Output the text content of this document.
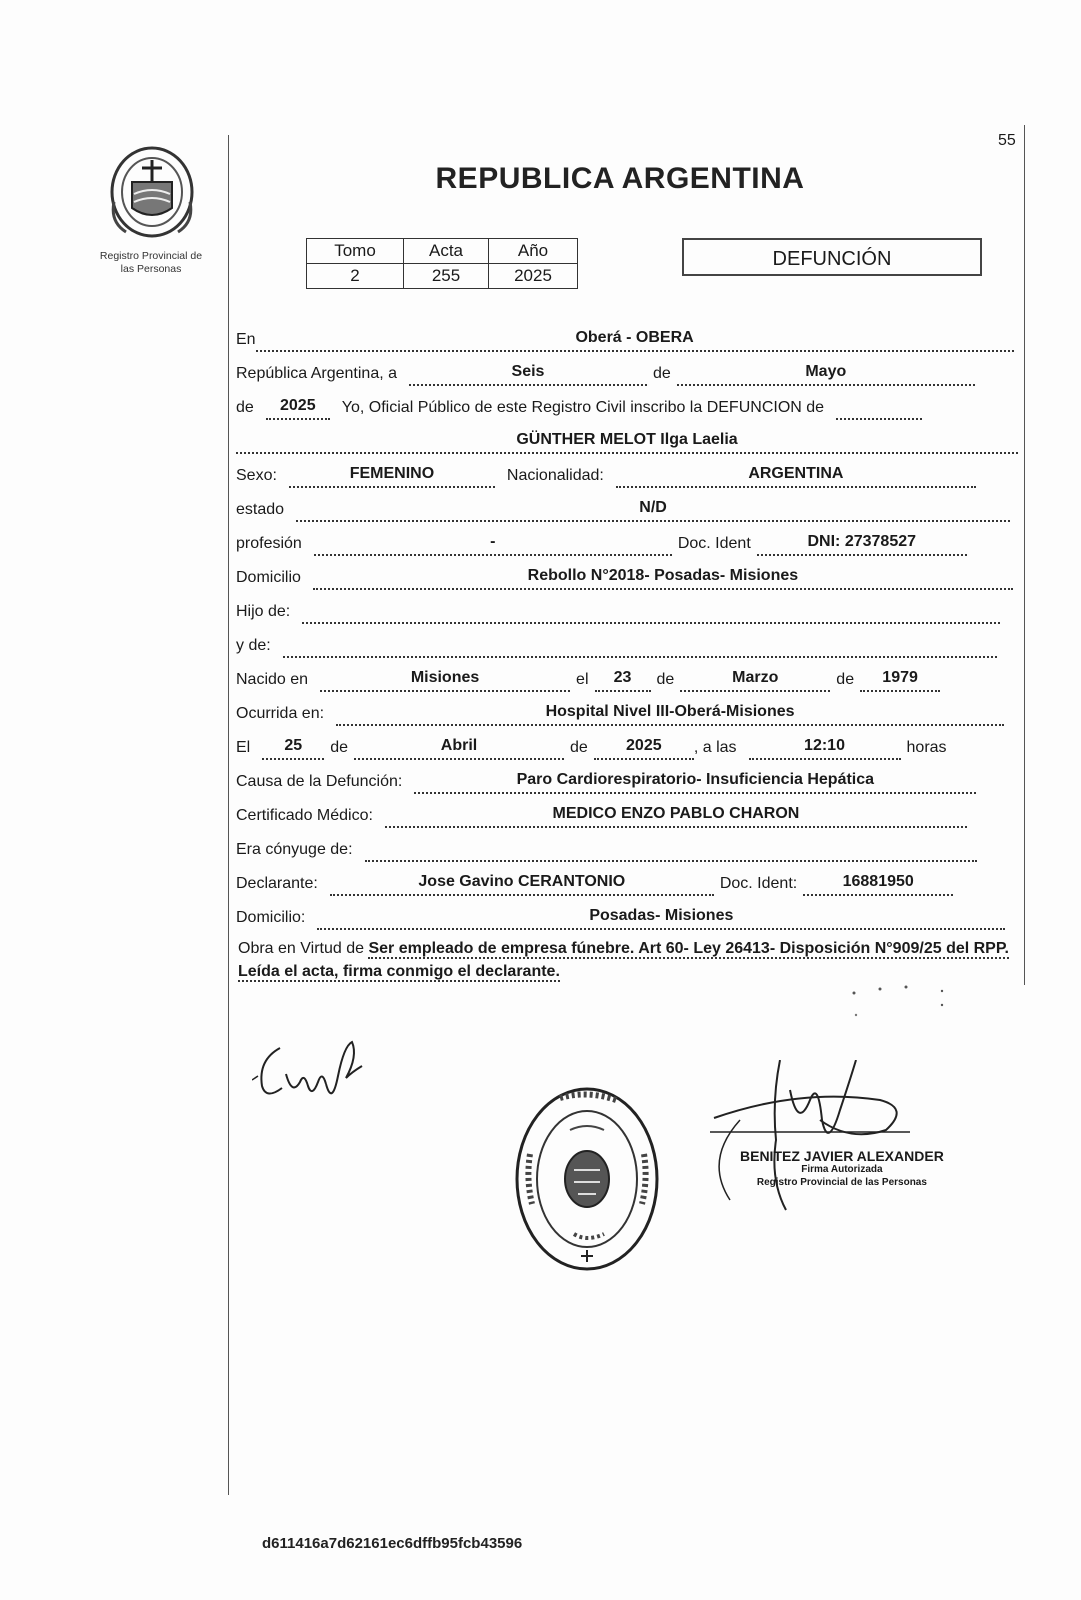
55
Registro Provincial de
las Personas
REPUBLICA ARGENTINA
Tomo	Acta	Año
2	255	2025
DEFUNCIÓN
En	Oberá - OBERA
República Argentina, a	Seis	de	Mayo
de	2025	Yo, Oficial Público de este Registro Civil inscribo la DEFUNCION de
GÜNTHER MELOT Ilga Laelia
Sexo:	FEMENINO	Nacionalidad:	ARGENTINA
estado	N/D
profesión	-	Doc. Ident	DNI: 27378527
Domicilio	Rebollo N°2018- Posadas- Misiones
Hijo de:
y de:
Nacido en	Misiones	el	23	de	Marzo	de	1979
Ocurrida en:	Hospital Nivel III-Oberá-Misiones
El	25	de	Abril	de	2025	, a las	12:10	horas
Causa de la Defunción:	Paro Cardiorespiratorio- Insuficiencia Hepática
Certificado Médico:	MEDICO ENZO PABLO CHARON
Era cónyuge de:
Declarante:	Jose Gavino CERANTONIO	Doc. Ident:	16881950
Domicilio:	Posadas- Misiones
Obra en Virtud de Ser empleado de empresa fúnebre. Art 60- Ley 26413- Disposición N°909/25 del RPP. Leída el acta, firma conmigo el declarante.
BENITEZ JAVIER ALEXANDER
Firma Autorizada
Registro Provincial de las Personas
d611416a7d62161ec6dffb95fcb43596
